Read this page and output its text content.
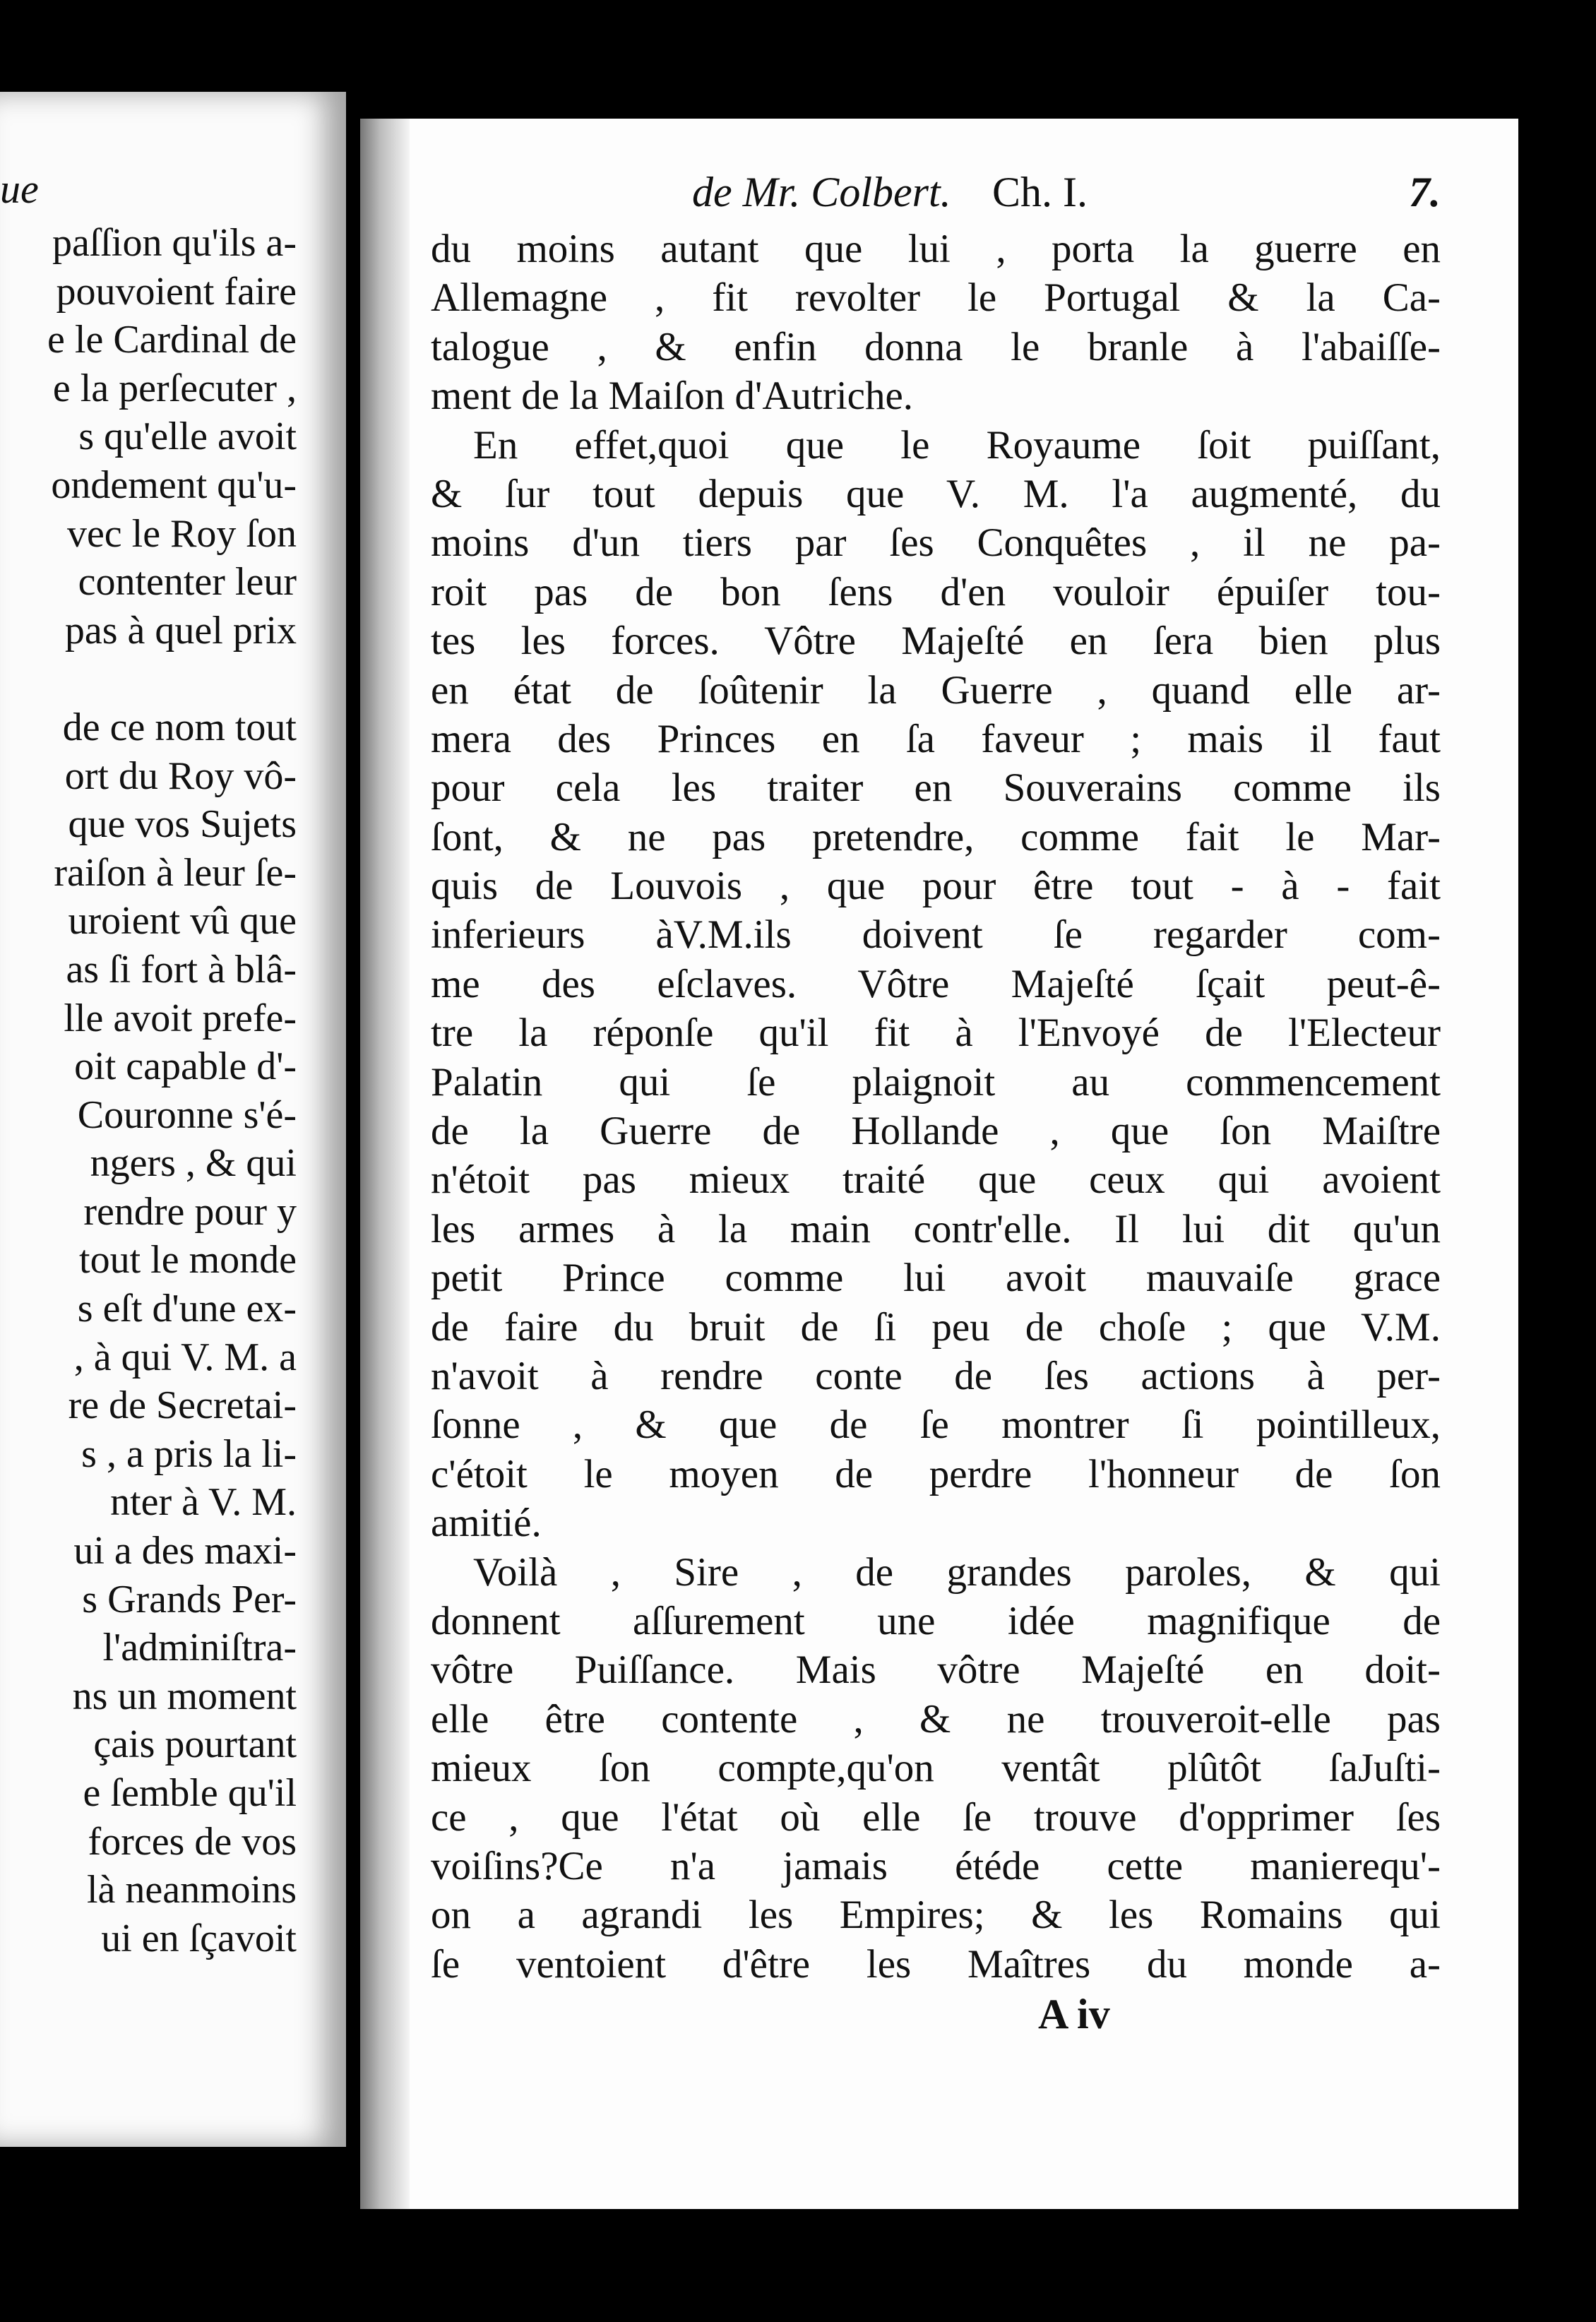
ue
paſſion qu'ils a-
pouvoient faire
e le Cardinal de
e la perſecuter ,
s qu'elle avoit
ondement qu'u-
vec le Roy ſon
contenter leur
pas à quel prix
de ce nom tout
ort du Roy vô-
que vos Sujets
raiſon à leur ſe-
uroient vû que
as ſi fort à blâ-
lle avoit prefe-
oit capable d'-
Couronne s'é-
ngers , & qui
rendre pour y
tout le monde
s eſt d'une ex-
, à qui V. M. a
re de Secretai-
s , a pris la li-
nter à V. M.
ui a des maxi-
s Grands Per-
l'adminiſtra-
ns un moment
çais pourtant
e ſemble qu'il
forces de vos
là neanmoins
ui en ſçavoit
de Mr. Colbert. Ch. I.	7.
du moins autant que lui , porta la guerre en
Allemagne , fit revolter le Portugal & la Ca-
talogue , & enfin donna le branle à l'abaiſſe-
ment de la Maiſon d'Autriche.
En effet,quoi que le Royaume ſoit puiſſant,
& ſur tout depuis que V. M. l'a augmenté, du
moins d'un tiers par ſes Conquêtes , il ne pa-
roit pas de bon ſens d'en vouloir épuiſer tou-
tes les forces. Vôtre Majeſté en ſera bien plus
en état de ſoûtenir la Guerre , quand elle ar-
mera des Princes en ſa faveur ; mais il faut
pour cela les traiter en Souverains comme ils
ſont, & ne pas pretendre, comme fait le Mar-
quis de Louvois , que pour être tout - à - fait
inferieurs àV.M.ils doivent ſe regarder com-
me des eſclaves. Vôtre Majeſté ſçait peut-ê-
tre la réponſe qu'il fit à l'Envoyé de l'Electeur
Palatin qui ſe plaignoit au commencement
de la Guerre de Hollande , que ſon Maiſtre
n'étoit pas mieux traité que ceux qui avoient
les armes à la main contr'elle. Il lui dit qu'un
petit Prince comme lui avoit mauvaiſe grace
de faire du bruit de ſi peu de choſe ; que V.M.
n'avoit à rendre conte de ſes actions à per-
ſonne , & que de ſe montrer ſi pointilleux,
c'étoit le moyen de perdre l'honneur de ſon
amitié.
Voilà , Sire , de grandes paroles, & qui
donnent aſſurement une idée magnifique de
vôtre Puiſſance. Mais vôtre Majeſté en doit-
elle être contente , & ne trouveroit-elle pas
mieux ſon compte,qu'on ventât plûtôt ſaJuſti-
ce , que l'état où elle ſe trouve d'opprimer ſes
voiſins?Ce n'a jamais étéde cette manierequ'-
on a agrandi les Empires; & les Romains qui
ſe ventoient d'être les Maîtres du monde a-
A iv
